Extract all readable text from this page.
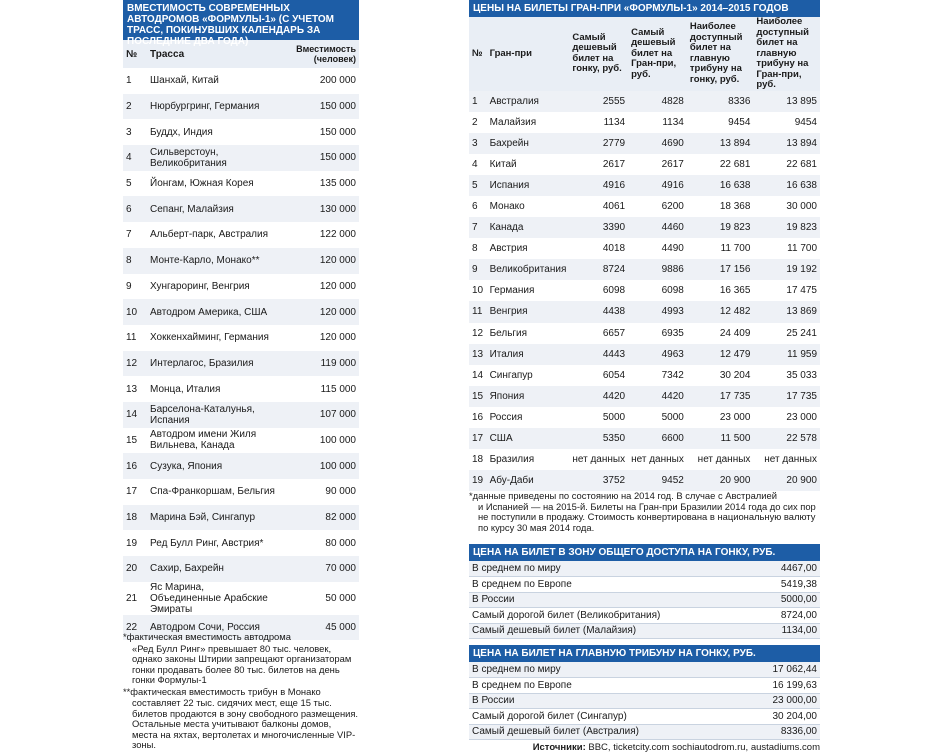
ВМЕСТИМОСТЬ СОВРЕМЕННЫХ АВТОДРОМОВ «ФОРМУЛЫ-1» (С УЧЕТОМ ТРАСС, ПОКИНУВШИХ КАЛЕНДАРЬ ЗА ПОСЛЕДНИЕ ДВА ГОДА)
№	Трасса	Вместимость (человек)
1	Шанхай, Китай	200 000
2	Нюрбургринг, Германия	150 000
3	Буддх, Индия	150 000
4	Сильверстоун, Великобритания	150 000
5	Йонгам, Южная Корея	135 000
6	Сепанг, Малайзия	130 000
7	Альберт-парк, Австралия	122 000
8	Монте-Карло, Монако**	120 000
9	Хунгароринг, Венгрия	120 000
10	Автодром Америка, США	120 000
11	Хоккенхайминг, Германия	120 000
12	Интерлагос, Бразилия	119 000
13	Монца, Италия	115 000
14	Барселона-Каталунья, Испания	107 000
15	Автодром имени Жиля Вильнева, Канада	100 000
16	Сузука, Япония	100 000
17	Спа-Франкоршам, Бельгия	90 000
18	Марина Бэй, Сингапур	82 000
19	Ред Булл Ринг, Австрия*	80 000
20	Сахир, Бахрейн	70 000
21	Яс Марина, Объединенные Арабские Эмираты	50 000
22	Автодром Сочи, Россия	45 000

*фактическая вместимость автодрома

«Ред Булл Ринг» превышает 80 тыс. человек, однако законы Штирии запрещают организаторам гонки продавать более 80 тыс. билетов на день гонки Формулы-1

**фактическая вместимость трибун в Монако

составляет 22 тыс. сидячих мест, еще 15 тыс. билетов продаются в зону свободного размещения. Остальные места учитывают балконы домов, места на яхтах, вертолетах и многочисленные VIP-зоны.

ЦЕНЫ НА БИЛЕТЫ ГРАН-ПРИ «ФОРМУЛЫ-1» 2014–2015 ГОДОВ
№	Гран-при	Самый дешевый билет на гонку, руб.	Самый дешевый билет на Гран-при, руб.	Наиболее доступный билет на главную трибуну на гонку, руб.	Наиболее доступный билет на главную трибуну на Гран-при, руб.
1	Австралия	2555	4828	8336	13 895
2	Малайзия	1134	1134	9454	9454
3	Бахрейн	2779	4690	13 894	13 894
4	Китай	2617	2617	22 681	22 681
5	Испания	4916	4916	16 638	16 638
6	Монако	4061	6200	18 368	30 000
7	Канада	3390	4460	19 823	19 823
8	Австрия	4018	4490	11 700	11 700
9	Великобритания	8724	9886	17 156	19 192
10	Германия	6098	6098	16 365	17 475
11	Венгрия	4438	4993	12 482	13 869
12	Бельгия	6657	6935	24 409	25 241
13	Италия	4443	4963	12 479	11 959
14	Сингапур	6054	7342	30 204	35 033
15	Япония	4420	4420	17 735	17 735
16	Россия	5000	5000	23 000	23 000
17	США	5350	6600	11 500	22 578
18	Бразилия	нет данных	нет данных	нет данных	нет данных
19	Абу-Даби	3752	9452	20 900	20 900
*данные приведены по состоянию на 2014 год. В случае с Австралией
и Испанией — на 2015-й. Билеты на Гран-при Бразилии 2014 года до сих пор не поступили в продажу. Стоимость конвертирована в национальную валюту по курсу 30 мая 2014 года.
ЦЕНА НА БИЛЕТ В ЗОНУ ОБЩЕГО ДОСТУПА НА ГОНКУ, РУБ.
В среднем по миру	4467,00
В среднем по Европе	5419,38
В России	5000,00
Самый дорогой билет (Великобритания)	8724,00
Самый дешевый билет (Малайзия)	1134,00
ЦЕНА НА БИЛЕТ НА ГЛАВНУЮ ТРИБУНУ НА ГОНКУ, РУБ.
В среднем по миру	17 062,44
В среднем по Европе	16 199,63
В России	23 000,00
Самый дорогой билет (Сингапур)	30 204,00
Самый дешевый билет (Австралия)	8336,00
Источники: BBC, ticketcity.com sochiautodrom.ru, austadiums.com
